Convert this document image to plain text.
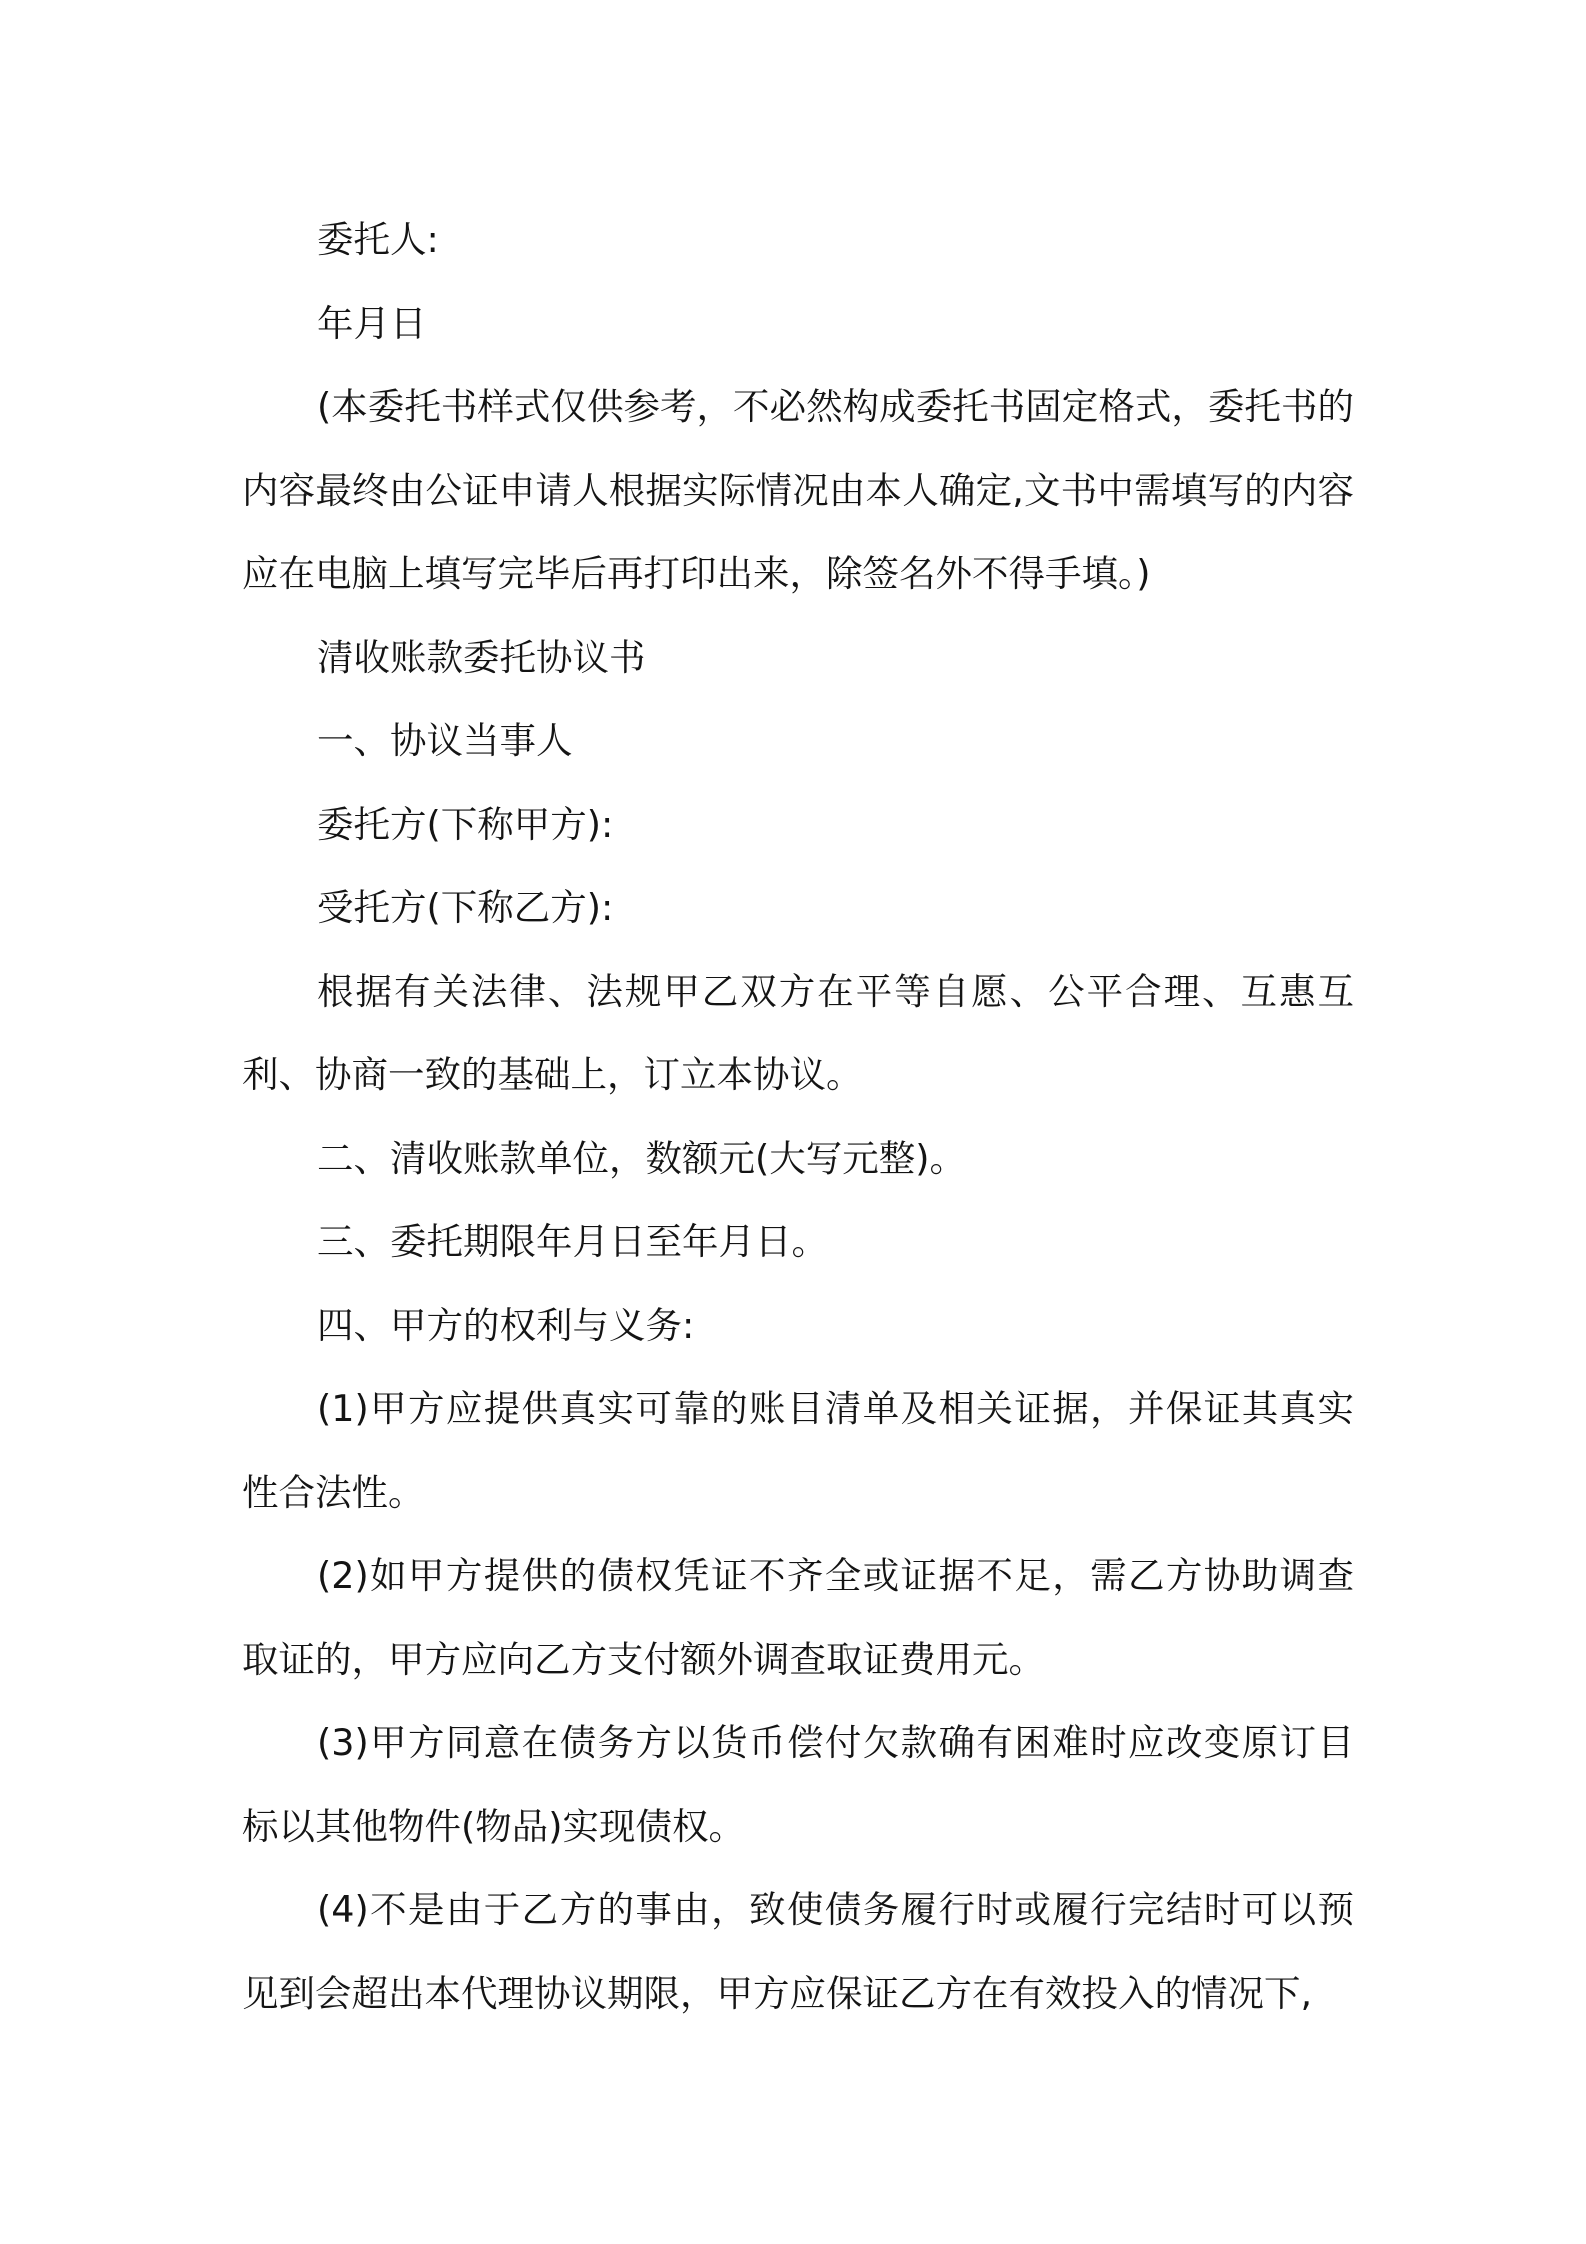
委托人:

年月日

(本委托书样式仅供参考，不必然构成委托书固定格式，委托书的内容最终由公证申请人根据实际情况由本人确定,文书中需填写的内容应在电脑上填写完毕后再打印出来，除签名外不得手填。)

清收账款委托协议书

一、协议当事人

委托方(下称甲方):

受托方(下称乙方):

根据有关法律、法规甲乙双方在平等自愿、公平合理、互惠互利、协商一致的基础上，订立本协议。

二、清收账款单位，数额元(大写元整)。

三、委托期限年月日至年月日。

四、甲方的权利与义务:

(1)甲方应提供真实可靠的账目清单及相关证据，并保证其真实性合法性。

(2)如甲方提供的债权凭证不齐全或证据不足，需乙方协助调查取证的，甲方应向乙方支付额外调查取证费用元。

(3)甲方同意在债务方以货币偿付欠款确有困难时应改变原订目标以其他物件(物品)实现债权。

(4)不是由于乙方的事由，致使债务履行时或履行完结时可以预见到会超出本代理协议期限，甲方应保证乙方在有效投入的情况下,
